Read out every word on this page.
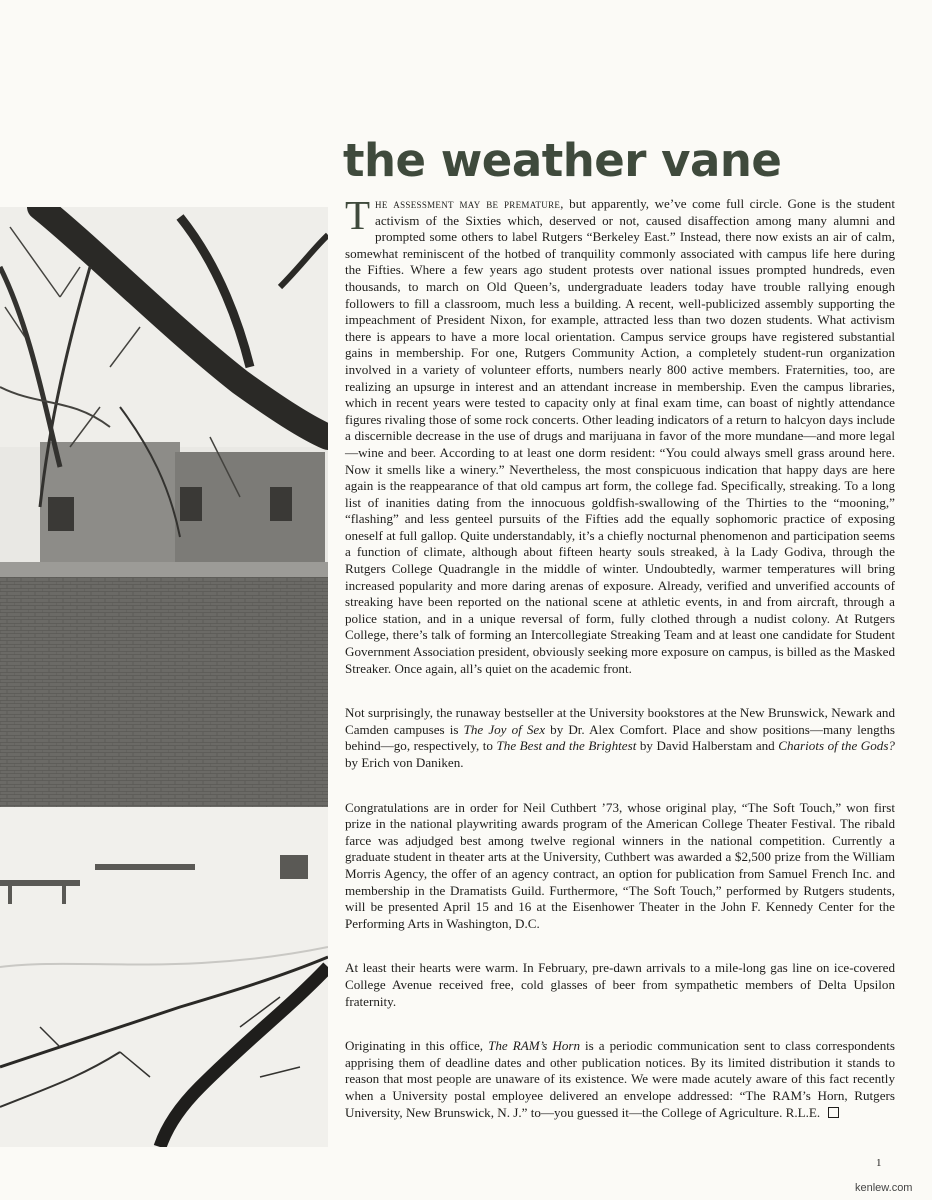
the weather vane

The assessment may be premature, but apparently, we’ve come full circle. Gone is the student activism of the Sixties which, deserved or not, caused disaffection among many alumni and prompted some others to label Rutgers “Berkeley East.” Instead, there now exists an air of calm, somewhat reminiscent of the hotbed of tranquility commonly associated with campus life here during the Fifties. Where a few years ago student protests over national issues prompted hundreds, even thousands, to march on Old Queen’s, undergraduate leaders today have trouble rallying enough followers to fill a classroom, much less a building. A recent, well-publicized assembly supporting the impeachment of President Nixon, for example, attracted less than two dozen students. What activism there is appears to have a more local orientation. Campus service groups have registered substantial gains in membership. For one, Rutgers Community Action, a completely student-run organization involved in a variety of volunteer efforts, numbers nearly 800 active members. Fraternities, too, are realizing an upsurge in interest and an attendant increase in membership. Even the campus libraries, which in recent years were tested to capacity only at final exam time, can boast of nightly attendance figures rivaling those of some rock concerts. Other leading indicators of a return to halcyon days include a discernible decrease in the use of drugs and marijuana in favor of the more mundane—and more legal—wine and beer. According to at least one dorm resident: “You could always smell grass around here. Now it smells like a winery.” Nevertheless, the most conspicuous indication that happy days are here again is the reappearance of that old campus art form, the college fad. Specifically, streaking. To a long list of inanities dating from the innocuous goldfish-swallowing of the Thirties to the “mooning,” “flashing” and less genteel pursuits of the Fifties add the equally sophomoric practice of exposing oneself at full gallop. Quite understandably, it’s a chiefly nocturnal phenomenon and participation seems a function of climate, although about fifteen hearty souls streaked, à la Lady Godiva, through the Rutgers College Quadrangle in the middle of winter. Undoubtedly, warmer temperatures will bring increased popularity and more daring arenas of exposure. Already, verified and unverified accounts of streaking have been reported on the national scene at athletic events, in and from aircraft, through a police station, and in a unique reversal of form, fully clothed through a nudist colony. At Rutgers College, there’s talk of forming an Intercollegiate Streaking Team and at least one candidate for Student Government Association president, obviously seeking more exposure on campus, is billed as the Masked Streaker. Once again, all’s quiet on the academic front.

Not surprisingly, the runaway bestseller at the University bookstores at the New Brunswick, Newark and Camden campuses is The Joy of Sex by Dr. Alex Comfort. Place and show positions—many lengths behind—go, respectively, to The Best and the Brightest by David Halberstam and Chariots of the Gods? by Erich von Daniken.

Congratulations are in order for Neil Cuthbert ’73, whose original play, “The Soft Touch,” won first prize in the national playwriting awards program of the American College Theater Festival. The ribald farce was adjudged best among twelve regional winners in the national competition. Currently a graduate student in theater arts at the University, Cuthbert was awarded a $2,500 prize from the William Morris Agency, the offer of an agency contract, an option for publication from Samuel French Inc. and membership in the Dramatists Guild. Furthermore, “The Soft Touch,” performed by Rutgers students, will be presented April 15 and 16 at the Eisenhower Theater in the John F. Kennedy Center for the Performing Arts in Washington, D.C.

At least their hearts were warm. In February, pre-dawn arrivals to a mile-long gas line on ice-covered College Avenue received free, cold glasses of beer from sympathetic members of Delta Upsilon fraternity.

Originating in this office, The RAM’s Horn is a periodic communication sent to class correspondents apprising them of deadline dates and other publication notices. By its limited distribution it stands to reason that most people are unaware of its existence. We were made acutely aware of this fact recently when a University postal employee delivered an envelope addressed: “The RAM’s Horn, Rutgers University, New Brunswick, N. J.” to—you guessed it—the College of Agriculture. R.L.E.

1
kenlew.com
